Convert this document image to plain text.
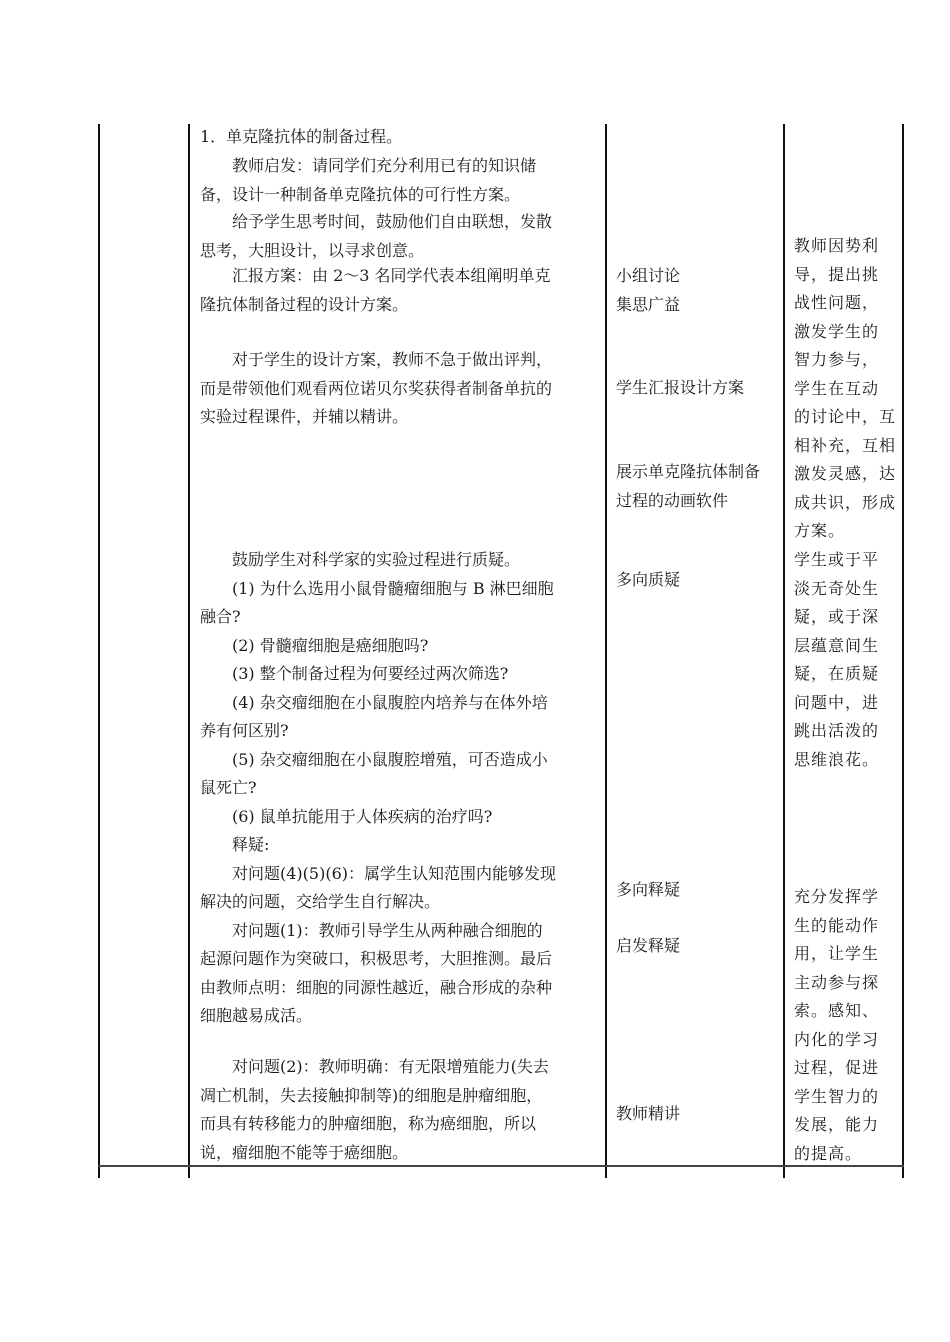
1．单克隆抗体的制备过程。
　　教师启发：请同学们充分利用已有的知识储
备，设计一种制备单克隆抗体的可行性方案。
　　给予学生思考时间，鼓励他们自由联想，发散
思考，大胆设计，以寻求创意。
　　汇报方案：由 2～3 名同学代表本组阐明单克
隆抗体制备过程的设计方案。
　　对于学生的设计方案，教师不急于做出评判，
而是带领他们观看两位诺贝尔奖获得者制备单抗的
实验过程课件，并辅以精讲。
　　鼓励学生对科学家的实验过程进行质疑。
　　(1) 为什么选用小鼠骨髓瘤细胞与 B 淋巴细胞
融合?
　　(2) 骨髓瘤细胞是癌细胞吗?
　　(3) 整个制备过程为何要经过两次筛选?
　　(4) 杂交瘤细胞在小鼠腹腔内培养与在体外培
养有何区别?
　　(5) 杂交瘤细胞在小鼠腹腔增殖，可否造成小
鼠死亡?
　　(6) 鼠单抗能用于人体疾病的治疗吗?
　　释疑:
　　对问题(4)(5)(6)：属学生认知范围内能够发现
解决的问题，交给学生自行解决。
　　对问题(1)：教师引导学生从两种融合细胞的
起源问题作为突破口，积极思考，大胆推测。最后
由教师点明：细胞的同源性越近，融合形成的杂种
细胞越易成活。
　　对问题(2)：教师明确：有无限增殖能力(失去
凋亡机制，失去接触抑制等)的细胞是肿瘤细胞，
而具有转移能力的肿瘤细胞，称为癌细胞，所以
说，瘤细胞不能等于癌细胞。
小组讨论
集思广益
学生汇报设计方案
展示单克隆抗体制备
过程的动画软件
多向质疑
多向释疑
启发释疑
教师精讲
教师因势利
导，提出挑
战性问题，
激发学生的
智力参与，
学生在互动
的讨论中，互
相补充，互相
激发灵感，达
成共识，形成
方案。
学生或于平
淡无奇处生
疑，或于深
层蕴意间生
疑，在质疑
问题中，进
跳出活泼的
思维浪花。
充分发挥学
生的能动作
用，让学生
主动参与探
索。感知、
内化的学习
过程，促进
学生智力的
发展，能力
的提高。
